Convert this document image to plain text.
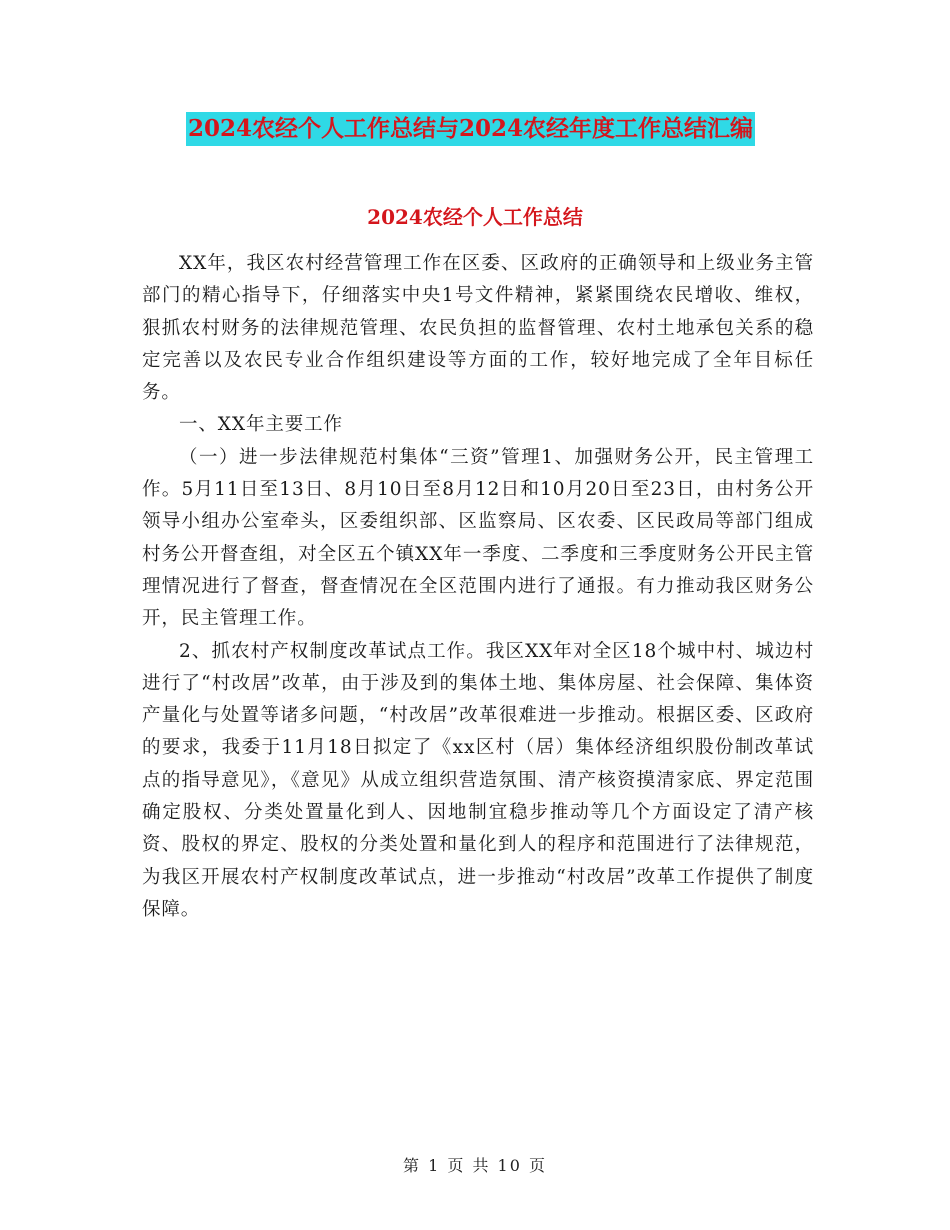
2024农经个人工作总结与2024农经年度工作总结汇编
2024农经个人工作总结

XX年，我区农村经营管理工作在区委、区政府的正确领导和上级业务主管部门的精心指导下，仔细落实中央1号文件精神，紧紧围绕农民增收、维权，狠抓农村财务的法律规范管理、农民负担的监督管理、农村土地承包关系的稳定完善以及农民专业合作组织建设等方面的工作，较好地完成了全年目标任务。

一、XX年主要工作

（一）进一步法律规范村集体“三资”管理1、加强财务公开，民主管理工作。5月11日至13日、8月10日至8月12日和10月20日至23日，由村务公开领导小组办公室牵头，区委组织部、区监察局、区农委、区民政局等部门组成村务公开督查组，对全区五个镇XX年一季度、二季度和三季度财务公开民主管理情况进行了督查，督查情况在全区范围内进行了通报。有力推动我区财务公开，民主管理工作。

2、抓农村产权制度改革试点工作。我区XX年对全区18个城中村、城边村进行了“村改居”改革，由于涉及到的集体土地、集体房屋、社会保障、集体资产量化与处置等诸多问题，“村改居”改革很难进一步推动。根据区委、区政府的要求，我委于11月18日拟定了《xx区村（居）集体经济组织股份制改革试点的指导意见》，《意见》从成立组织营造氛围、清产核资摸清家底、界定范围确定股权、分类处置量化到人、因地制宜稳步推动等几个方面设定了清产核资、股权的界定、股权的分类处置和量化到人的程序和范围进行了法律规范，为我区开展农村产权制度改革试点，进一步推动“村改居”改革工作提供了制度保障。

第 1 页 共 10 页
